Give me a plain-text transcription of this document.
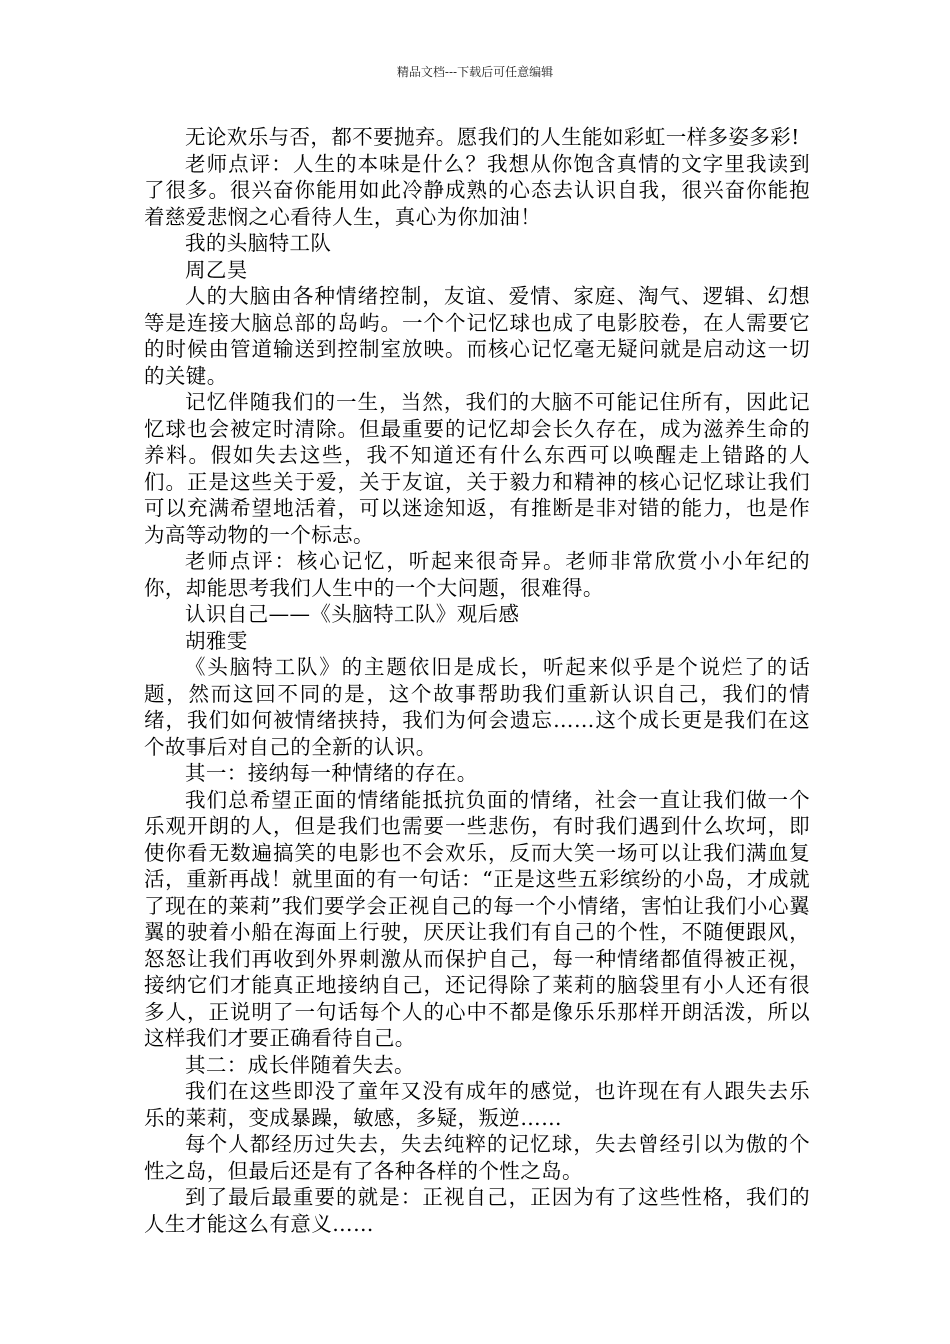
精品文档---下载后可任意编辑

无论欢乐与否，都不要抛弃。愿我们的人生能如彩虹一样多姿多彩!

老师点评：人生的本味是什么？我想从你饱含真情的文字里我读到了很多。很兴奋你能用如此冷静成熟的心态去认识自我，很兴奋你能抱着慈爱悲悯之心看待人生，真心为你加油！

我的头脑特工队

周乙昊

人的大脑由各种情绪控制，友谊、爱情、家庭、淘气、逻辑、幻想等是连接大脑总部的岛屿。一个个记忆球也成了电影胶卷，在人需要它的时候由管道输送到控制室放映。而核心记忆毫无疑问就是启动这一切的关键。

记忆伴随我们的一生，当然，我们的大脑不可能记住所有，因此记忆球也会被定时清除。但最重要的记忆却会长久存在，成为滋养生命的养料。假如失去这些，我不知道还有什么东西可以唤醒走上错路的人们。正是这些关于爱，关于友谊，关于毅力和精神的核心记忆球让我们可以充满希望地活着，可以迷途知返，有推断是非对错的能力，也是作为高等动物的一个标志。

老师点评：核心记忆，听起来很奇异。老师非常欣赏小小年纪的你，却能思考我们人生中的一个大问题，很难得。

认识自己——《头脑特工队》观后感

胡雅雯

《头脑特工队》的主题依旧是成长，听起来似乎是个说烂了的话题，然而这回不同的是，这个故事帮助我们重新认识自己，我们的情绪，我们如何被情绪挟持，我们为何会遗忘……这个成长更是我们在这个故事后对自己的全新的认识。

其一：接纳每一种情绪的存在。

我们总希望正面的情绪能抵抗负面的情绪，社会一直让我们做一个乐观开朗的人，但是我们也需要一些悲伤，有时我们遇到什么坎坷，即使你看无数遍搞笑的电影也不会欢乐，反而大笑一场可以让我们满血复活，重新再战！就里面的有一句话：“正是这些五彩缤纷的小岛，才成就了现在的莱莉”我们要学会正视自己的每一个小情绪，害怕让我们小心翼翼的驶着小船在海面上行驶，厌厌让我们有自己的个性，不随便跟风，怒怒让我们再收到外界刺激从而保护自己，每一种情绪都值得被正视，接纳它们才能真正地接纳自己，还记得除了莱莉的脑袋里有小人还有很多人，正说明了一句话每个人的心中不都是像乐乐那样开朗活泼，所以这样我们才要正确看待自己。

其二：成长伴随着失去。

我们在这些即没了童年又没有成年的感觉，也许现在有人跟失去乐乐的莱莉，变成暴躁，敏感，多疑，叛逆……

每个人都经历过失去，失去纯粹的记忆球，失去曾经引以为傲的个性之岛，但最后还是有了各种各样的个性之岛。

到了最后最重要的就是：正视自己，正因为有了这些性格，我们的人生才能这么有意义……
